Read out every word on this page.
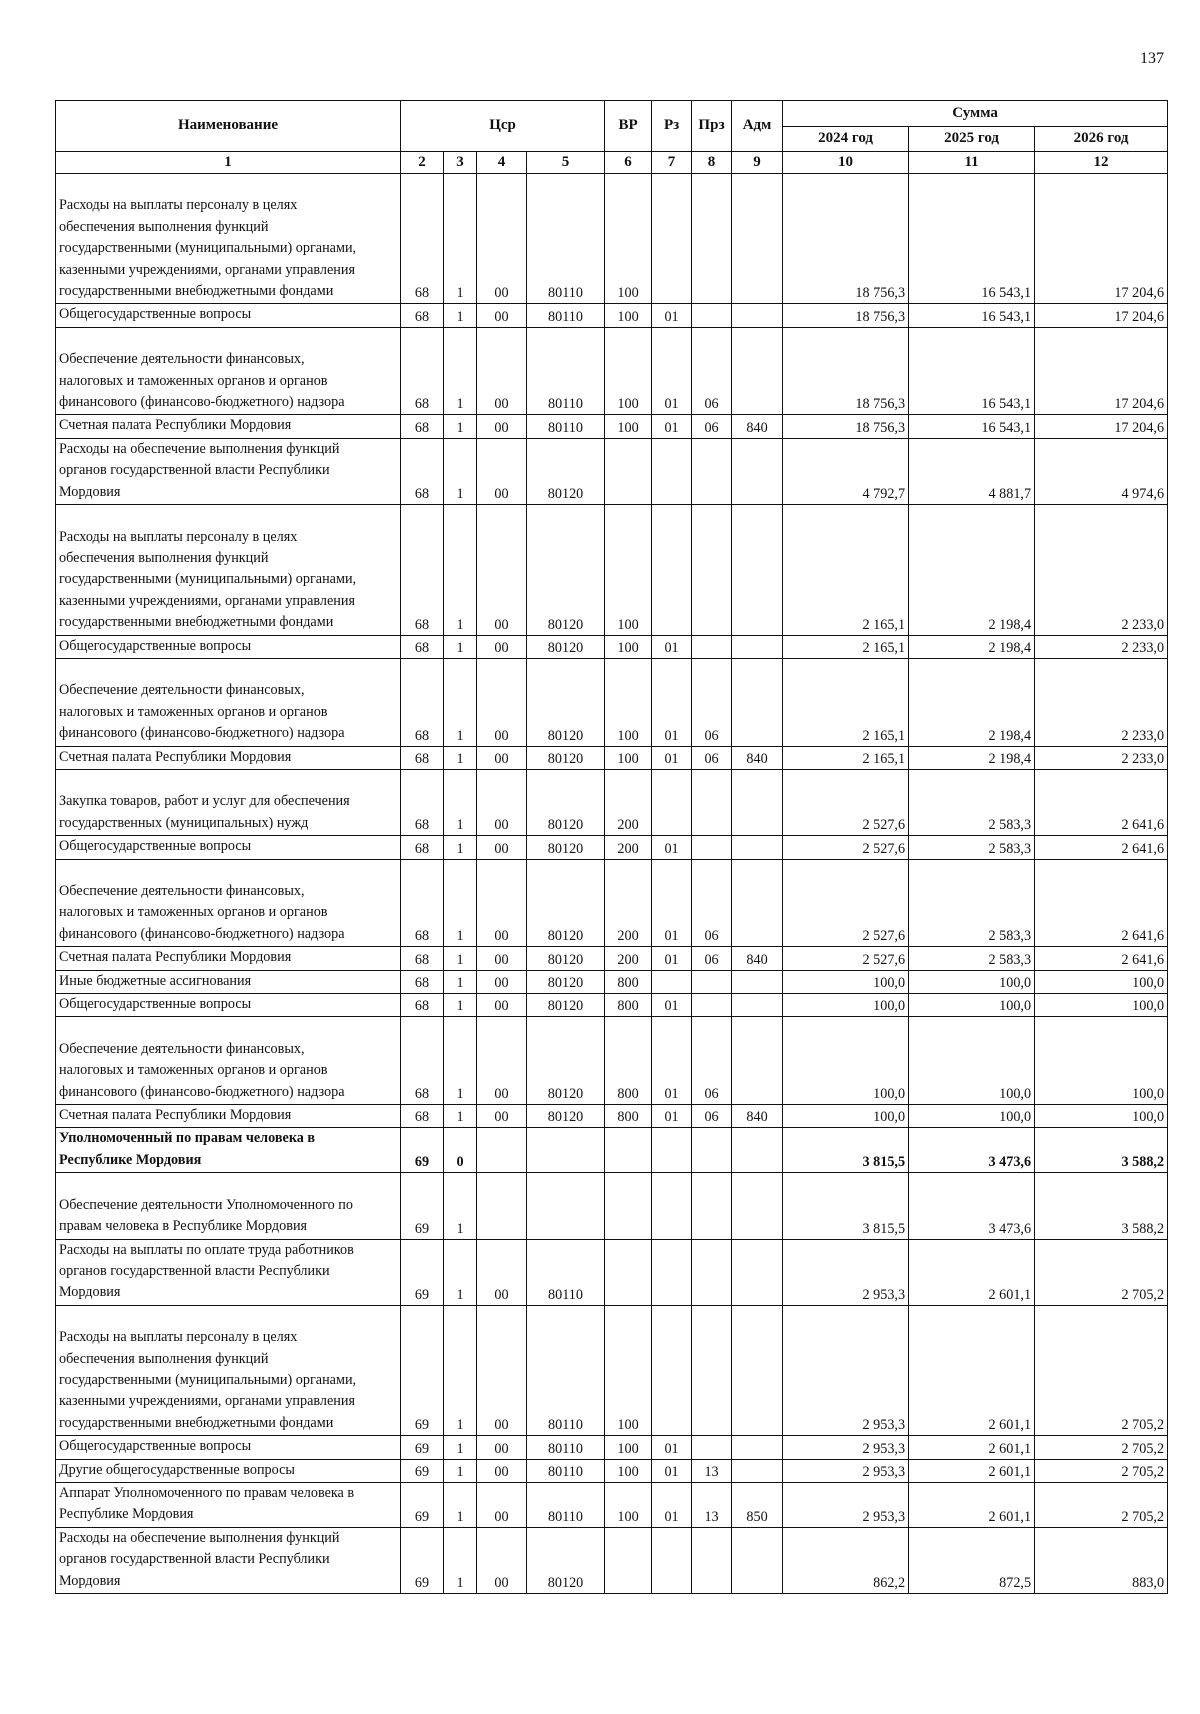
137
Наименование	Цср				ВР	Рз	Прз	Адм	Сумма		
									2024 год	2025 год	2026 год
1	2	3	4	5	6	7	8	9	10	11	12

Расходы на выплаты персоналу в целях
обеспечения выполнения функций
государственными (муниципальными) органами,
казенными учреждениями, органами управления
государственными внебюджетными фондами	68	1	00	80110	100				18 756,3	16 543,1	17 204,6

Общегосударственные вопросы	68	1	00	80110	100	01			18 756,3	16 543,1	17 204,6

Обеспечение деятельности финансовых,
налоговых и таможенных органов и органов
финансового (финансово-бюджетного) надзора	68	1	00	80110	100	01	06		18 756,3	16 543,1	17 204,6

Счетная палата Республики Мордовия	68	1	00	80110	100	01	06	840	18 756,3	16 543,1	17 204,6

Расходы на обеспечение выполнения функций
органов государственной власти Республики
Мордовия	68	1	00	80120					4 792,7	4 881,7	4 974,6

Расходы на выплаты персоналу в целях
обеспечения выполнения функций
государственными (муниципальными) органами,
казенными учреждениями, органами управления
государственными внебюджетными фондами	68	1	00	80120	100				2 165,1	2 198,4	2 233,0

Общегосударственные вопросы	68	1	00	80120	100	01			2 165,1	2 198,4	2 233,0

Обеспечение деятельности финансовых,
налоговых и таможенных органов и органов
финансового (финансово-бюджетного) надзора	68	1	00	80120	100	01	06		2 165,1	2 198,4	2 233,0

Счетная палата Республики Мордовия	68	1	00	80120	100	01	06	840	2 165,1	2 198,4	2 233,0

Закупка товаров, работ и услуг для обеспечения
государственных (муниципальных) нужд	68	1	00	80120	200				2 527,6	2 583,3	2 641,6

Общегосударственные вопросы	68	1	00	80120	200	01			2 527,6	2 583,3	2 641,6

Обеспечение деятельности финансовых,
налоговых и таможенных органов и органов
финансового (финансово-бюджетного) надзора	68	1	00	80120	200	01	06		2 527,6	2 583,3	2 641,6

Счетная палата Республики Мордовия	68	1	00	80120	200	01	06	840	2 527,6	2 583,3	2 641,6

Иные бюджетные ассигнования	68	1	00	80120	800				100,0	100,0	100,0

Общегосударственные вопросы	68	1	00	80120	800	01			100,0	100,0	100,0

Обеспечение деятельности финансовых,
налоговых и таможенных органов и органов
финансового (финансово-бюджетного) надзора	68	1	00	80120	800	01	06		100,0	100,0	100,0

Счетная палата Республики Мордовия	68	1	00	80120	800	01	06	840	100,0	100,0	100,0

Уполномоченный по правам человека в
Республике Мордовия	69	0							3 815,5	3 473,6	3 588,2

Обеспечение деятельности Уполномоченного по
правам человека в Республике Мордовия	69	1							3 815,5	3 473,6	3 588,2

Расходы на выплаты по оплате труда работников
органов государственной власти Республики
Мордовия	69	1	00	80110					2 953,3	2 601,1	2 705,2

Расходы на выплаты персоналу в целях
обеспечения выполнения функций
государственными (муниципальными) органами,
казенными учреждениями, органами управления
государственными внебюджетными фондами	69	1	00	80110	100				2 953,3	2 601,1	2 705,2

Общегосударственные вопросы	69	1	00	80110	100	01			2 953,3	2 601,1	2 705,2

Другие общегосударственные вопросы	69	1	00	80110	100	01	13		2 953,3	2 601,1	2 705,2

Аппарат Уполномоченного по правам человека в
Республике Мордовия	69	1	00	80110	100	01	13	850	2 953,3	2 601,1	2 705,2

Расходы на обеспечение выполнения функций
органов государственной власти Республики
Мордовия	69	1	00	80120					862,2	872,5	883,0
